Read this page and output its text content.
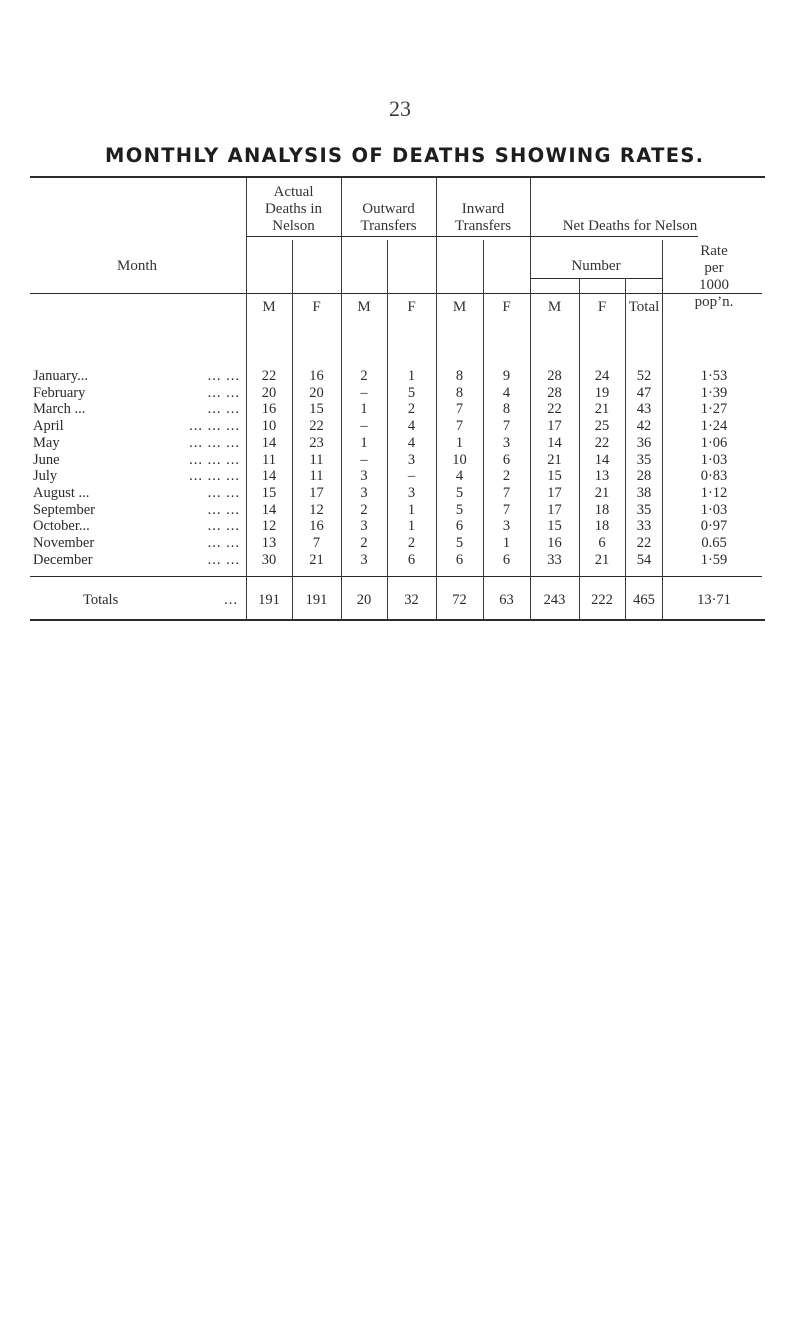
23
MONTHLY ANALYSIS OF DEATHS SHOWING RATES.
Month
Actual
Deaths in
Nelson
Outward
Transfers
Inward
Transfers	Net Deaths for Nelson
Number
Rate
per
1000
pop’n.
M	F	M	F	M	F	M	F	Total
January...	... ...	22	16	2	1	8	9	28	24	52	1·53
February	... ...	20	20	–	5	8	4	28	19	47	1·39
March ...	... ...	16	15	1	2	7	8	22	21	43	1·27
April	... ... ...	10	22	–	4	7	7	17	25	42	1·24
May	... ... ...	14	23	1	4	1	3	14	22	36	1·06
June	... ... ...	11	11	–	3	10	6	21	14	35	1·03
July	... ... ...	14	11	3	–	4	2	15	13	28	0·83
August ...	... ...	15	17	3	3	5	7	17	21	38	1·12
September	... ...	14	12	2	1	5	7	17	18	35	1·03
October...	... ...	12	16	3	1	6	3	15	18	33	0·97
November	... ...	13	7	2	2	5	1	16	6	22	0.65
December	... ...	30	21	3	6	6	6	33	21	54	1·59
Totals	...	191	191	20	32	72	63	243	222	465	13·71
